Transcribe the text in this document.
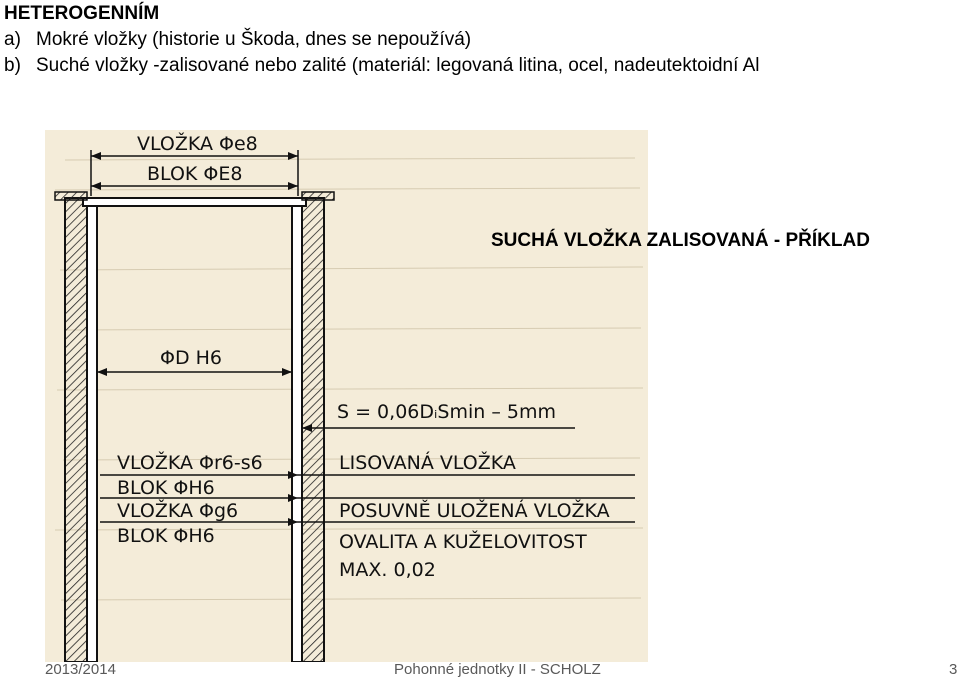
HETEROGENNÍM
a) Mokré vložky (historie u Škoda, dnes se nepoužívá)
b) Suché vložky -zalisované nebo zalité (materiál: legovaná litina, ocel, nadeutektoidní Al
VLOŽKA Φe8
BLOK ΦE8
ΦD H6
S = 0,06DᵢSmin – 5mm
VLOŽKA Φr6-s6
BLOK ΦH6
VLOŽKA Φg6
BLOK ΦH6
LISOVANÁ VLOŽKA
POSUVNĚ ULOŽENÁ VLOŽKA
OVALITA A KUŽELOVITOST
MAX. 0,02
SUCHÁ VLOŽKA ZALISOVANÁ - PŘÍKLAD
2013/2014	Pohonné jednotky II - SCHOLZ	3
